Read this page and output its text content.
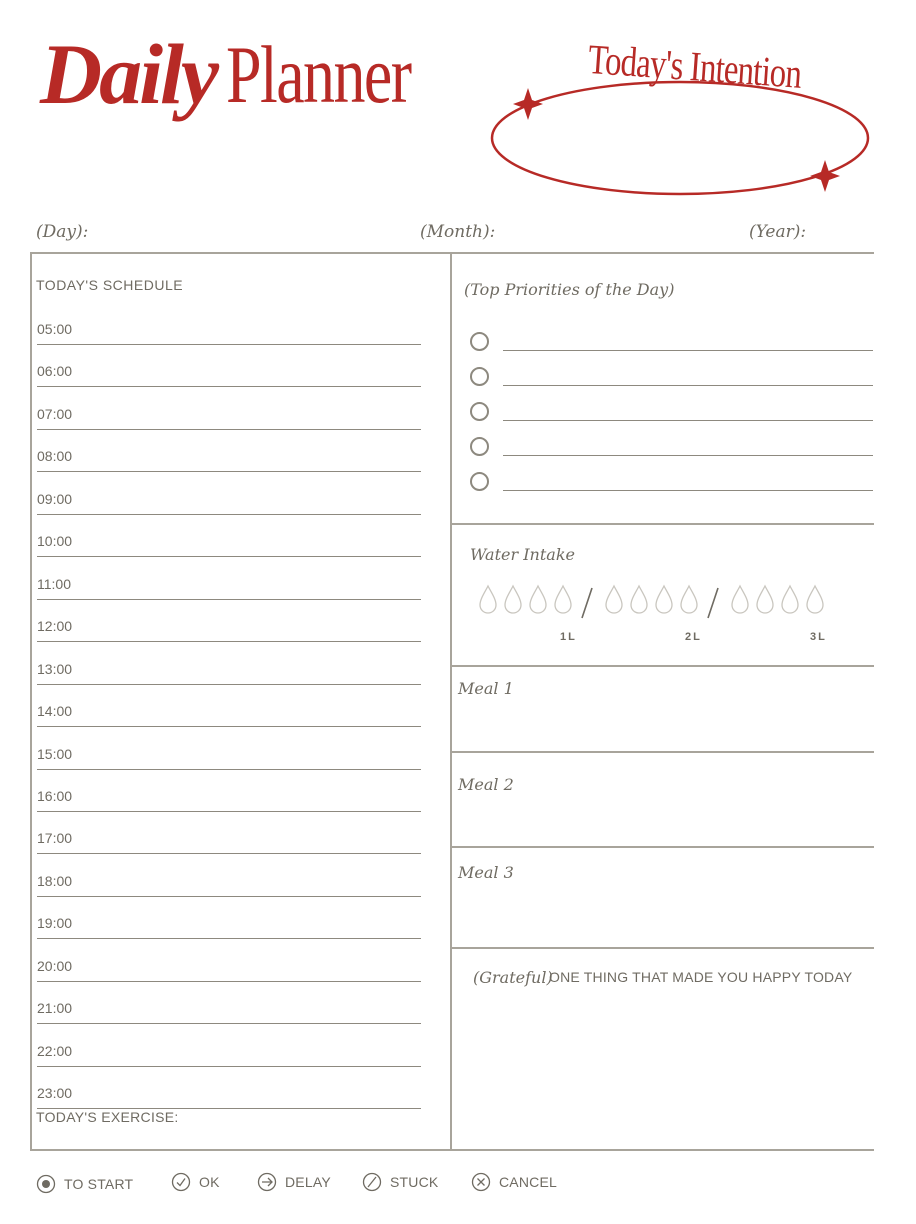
Daily Planner	Today's Intention
(Day):	(Month):	(Year):
TODAY'S SCHEDULE
05:00
06:00
07:00
08:00
09:00
10:00
11:00
12:00
13:00
14:00
15:00
16:00
17:00
18:00
19:00
20:00
21:00
22:00
23:00
TODAY'S EXERCISE:
(Top Priorities of the Day)
Water Intake
1L	2L	3L
Meal 1
Meal 2
Meal 3
(Grateful)
ONE THING THAT MADE YOU HAPPY TODAY
TO START	OK	DELAY	STUCK	CANCEL
